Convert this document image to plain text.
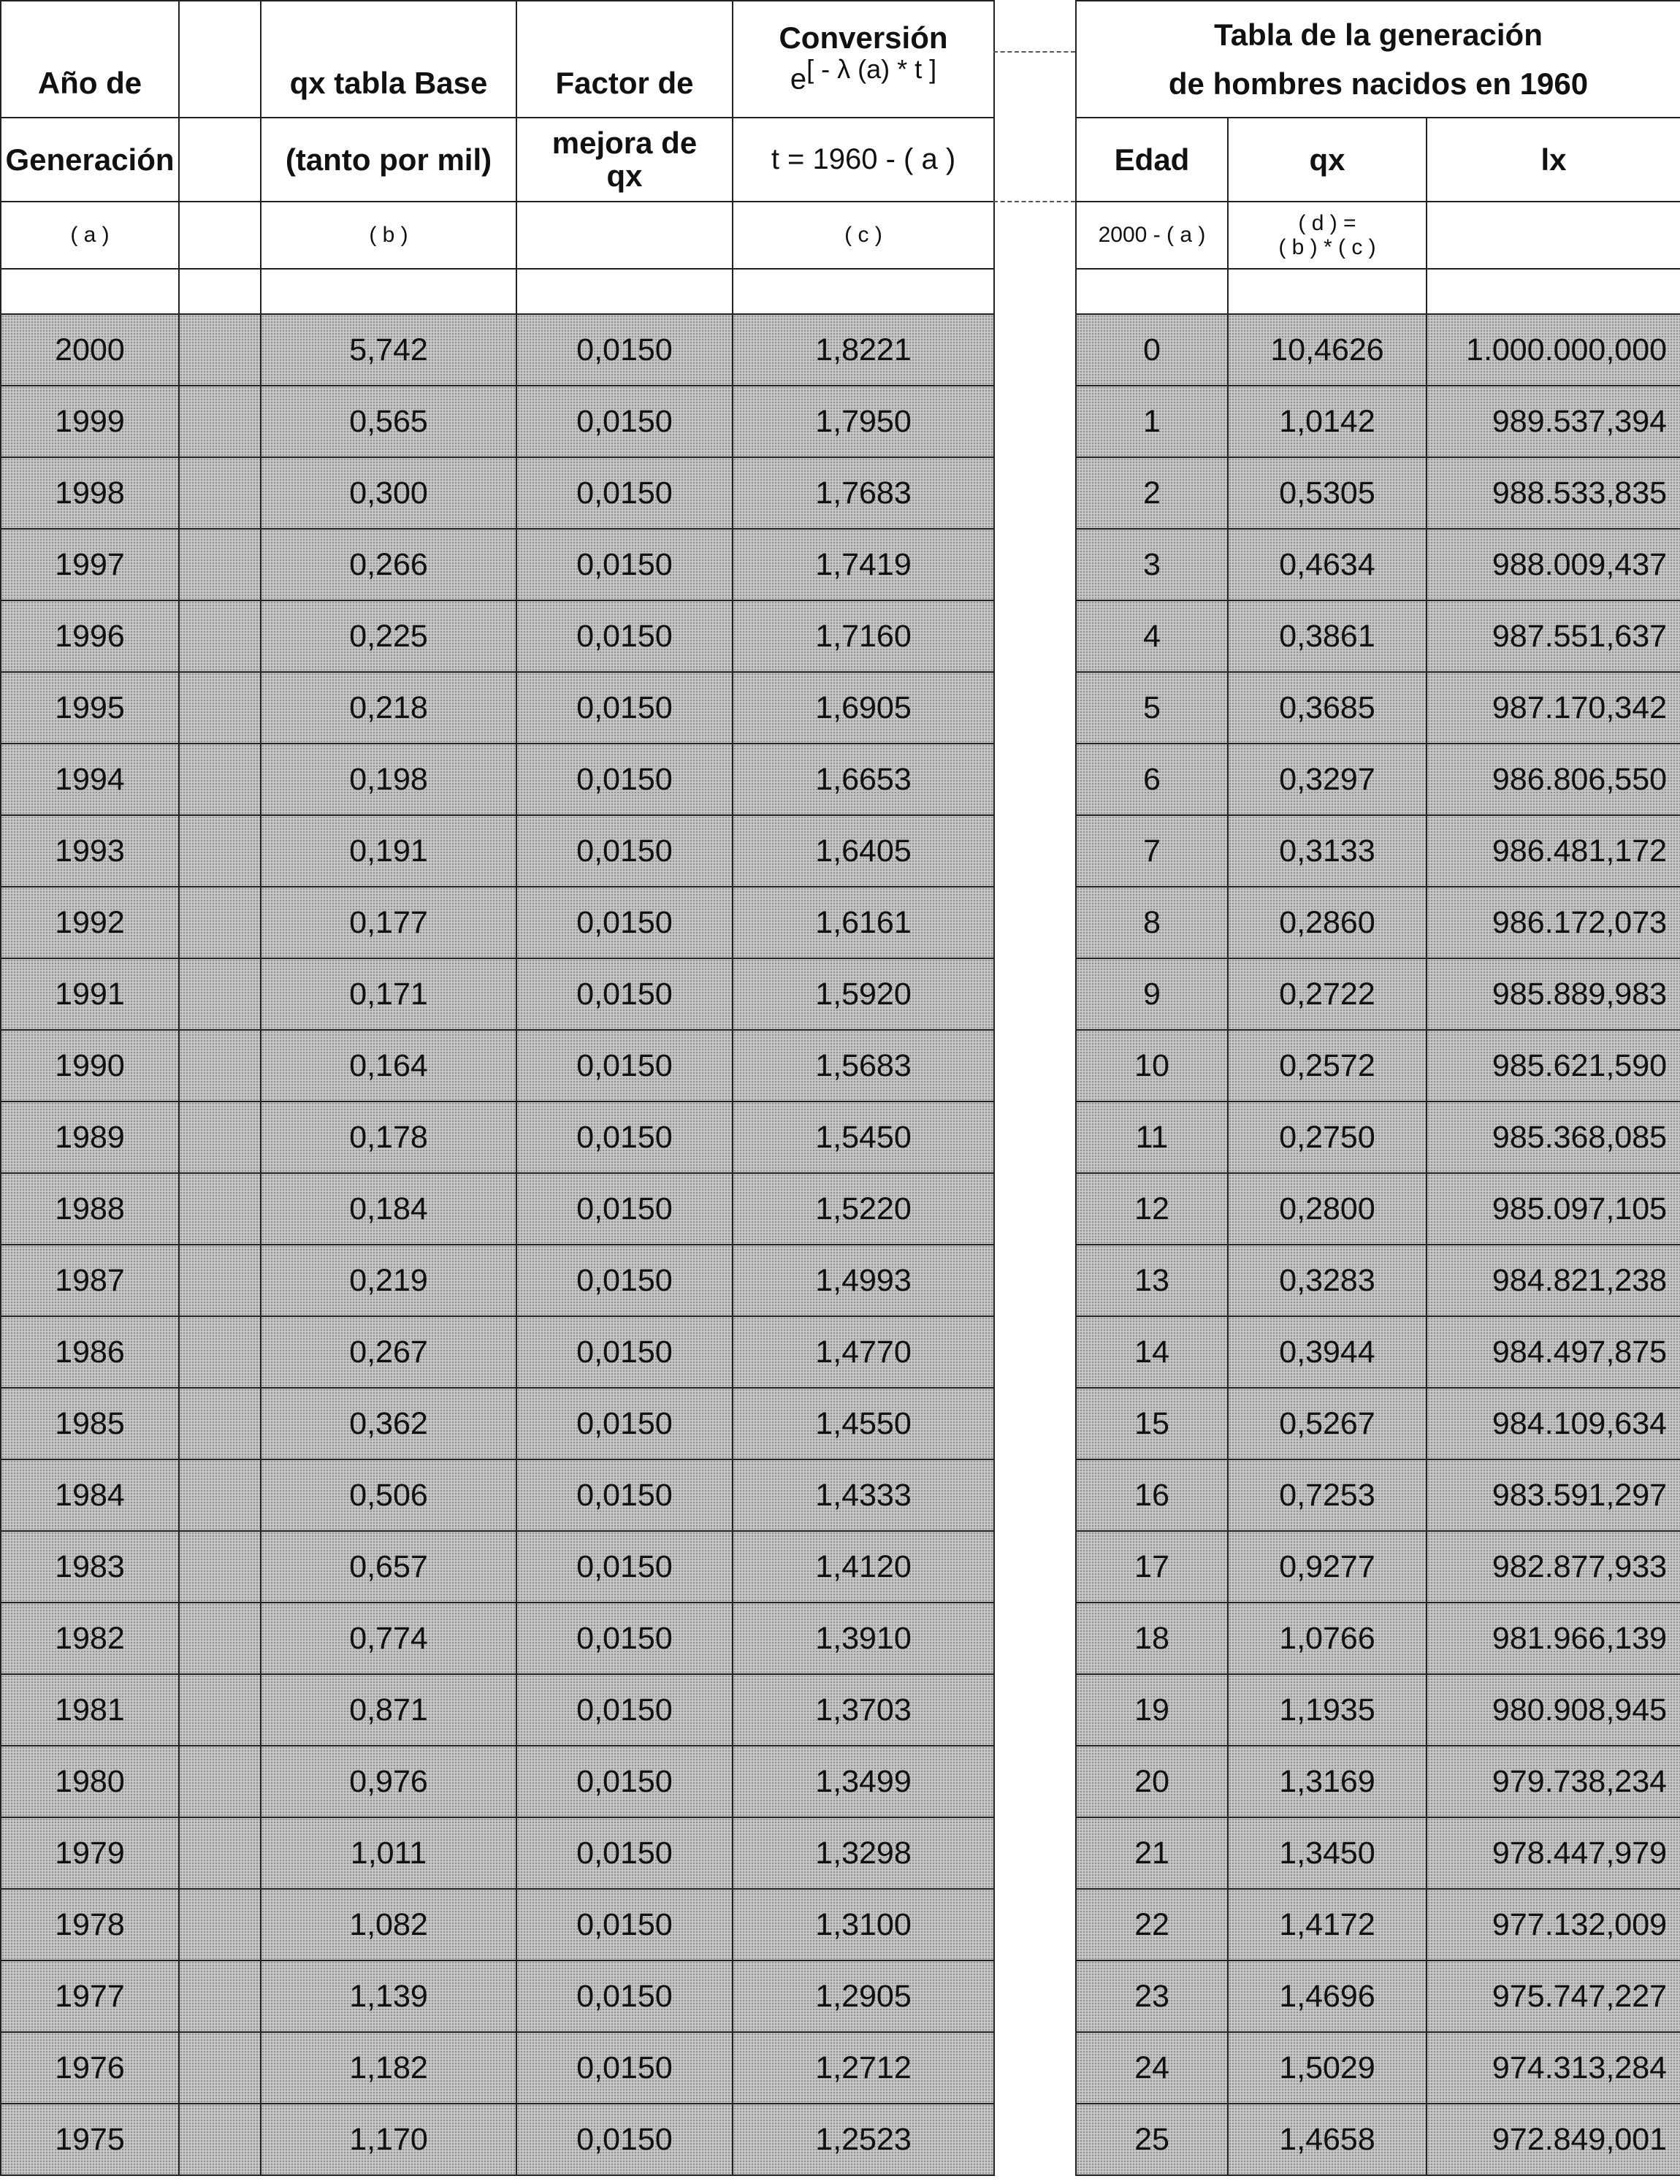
Año de		qx tabla Base	Factor de	Conversión
e[ - λ (a) * t ]

Generación		(tanto por mil)	mejora de
qx	t = 1960 - ( a )
( a )		( b )		( c )

2000		5,742	0,0150	1,8221
1999		0,565	0,0150	1,7950
1998		0,300	0,0150	1,7683
1997		0,266	0,0150	1,7419
1996		0,225	0,0150	1,7160
1995		0,218	0,0150	1,6905
1994		0,198	0,0150	1,6653
1993		0,191	0,0150	1,6405
1992		0,177	0,0150	1,6161
1991		0,171	0,0150	1,5920
1990		0,164	0,0150	1,5683
1989		0,178	0,0150	1,5450
1988		0,184	0,0150	1,5220
1987		0,219	0,0150	1,4993
1986		0,267	0,0150	1,4770
1985		0,362	0,0150	1,4550
1984		0,506	0,0150	1,4333
1983		0,657	0,0150	1,4120
1982		0,774	0,0150	1,3910
1981		0,871	0,0150	1,3703
1980		0,976	0,0150	1,3499
1979		1,011	0,0150	1,3298
1978		1,082	0,0150	1,3100
1977		1,139	0,0150	1,2905
1976		1,182	0,0150	1,2712
1975		1,170	0,0150	1,2523
Tabla de la generación
de hombres nacidos en 1960		

Edad	qx	lx
2000 - ( a )	( d ) =
( b ) * ( c )	

0	10,4626	1.000.000,000
1	1,0142	989.537,394
2	0,5305	988.533,835
3	0,4634	988.009,437
4	0,3861	987.551,637
5	0,3685	987.170,342
6	0,3297	986.806,550
7	0,3133	986.481,172
8	0,2860	986.172,073
9	0,2722	985.889,983
10	0,2572	985.621,590
11	0,2750	985.368,085
12	0,2800	985.097,105
13	0,3283	984.821,238
14	0,3944	984.497,875
15	0,5267	984.109,634
16	0,7253	983.591,297
17	0,9277	982.877,933
18	1,0766	981.966,139
19	1,1935	980.908,945
20	1,3169	979.738,234
21	1,3450	978.447,979
22	1,4172	977.132,009
23	1,4696	975.747,227
24	1,5029	974.313,284
25	1,4658	972.849,001
